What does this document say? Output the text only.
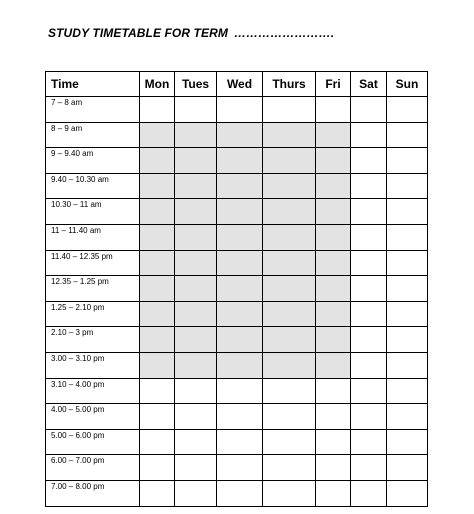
STUDY TIMETABLE FOR TERM …………………….
Time	Mon	Tues	Wed	Thurs	Fri	Sat	Sun
7 – 8 am							
8 – 9 am							
9 – 9.40 am							
9.40 – 10.30 am							
10.30 – 11 am							
11 – 11.40 am							
11.40 – 12.35 pm							
12.35 – 1.25 pm							
1.25 – 2.10 pm							
2.10 – 3 pm							
3.00 – 3.10 pm							
3.10 – 4.00 pm							
4.00 – 5.00 pm							
5.00 – 6.00 pm							
6.00 – 7.00 pm							
7.00 – 8.00 pm							
